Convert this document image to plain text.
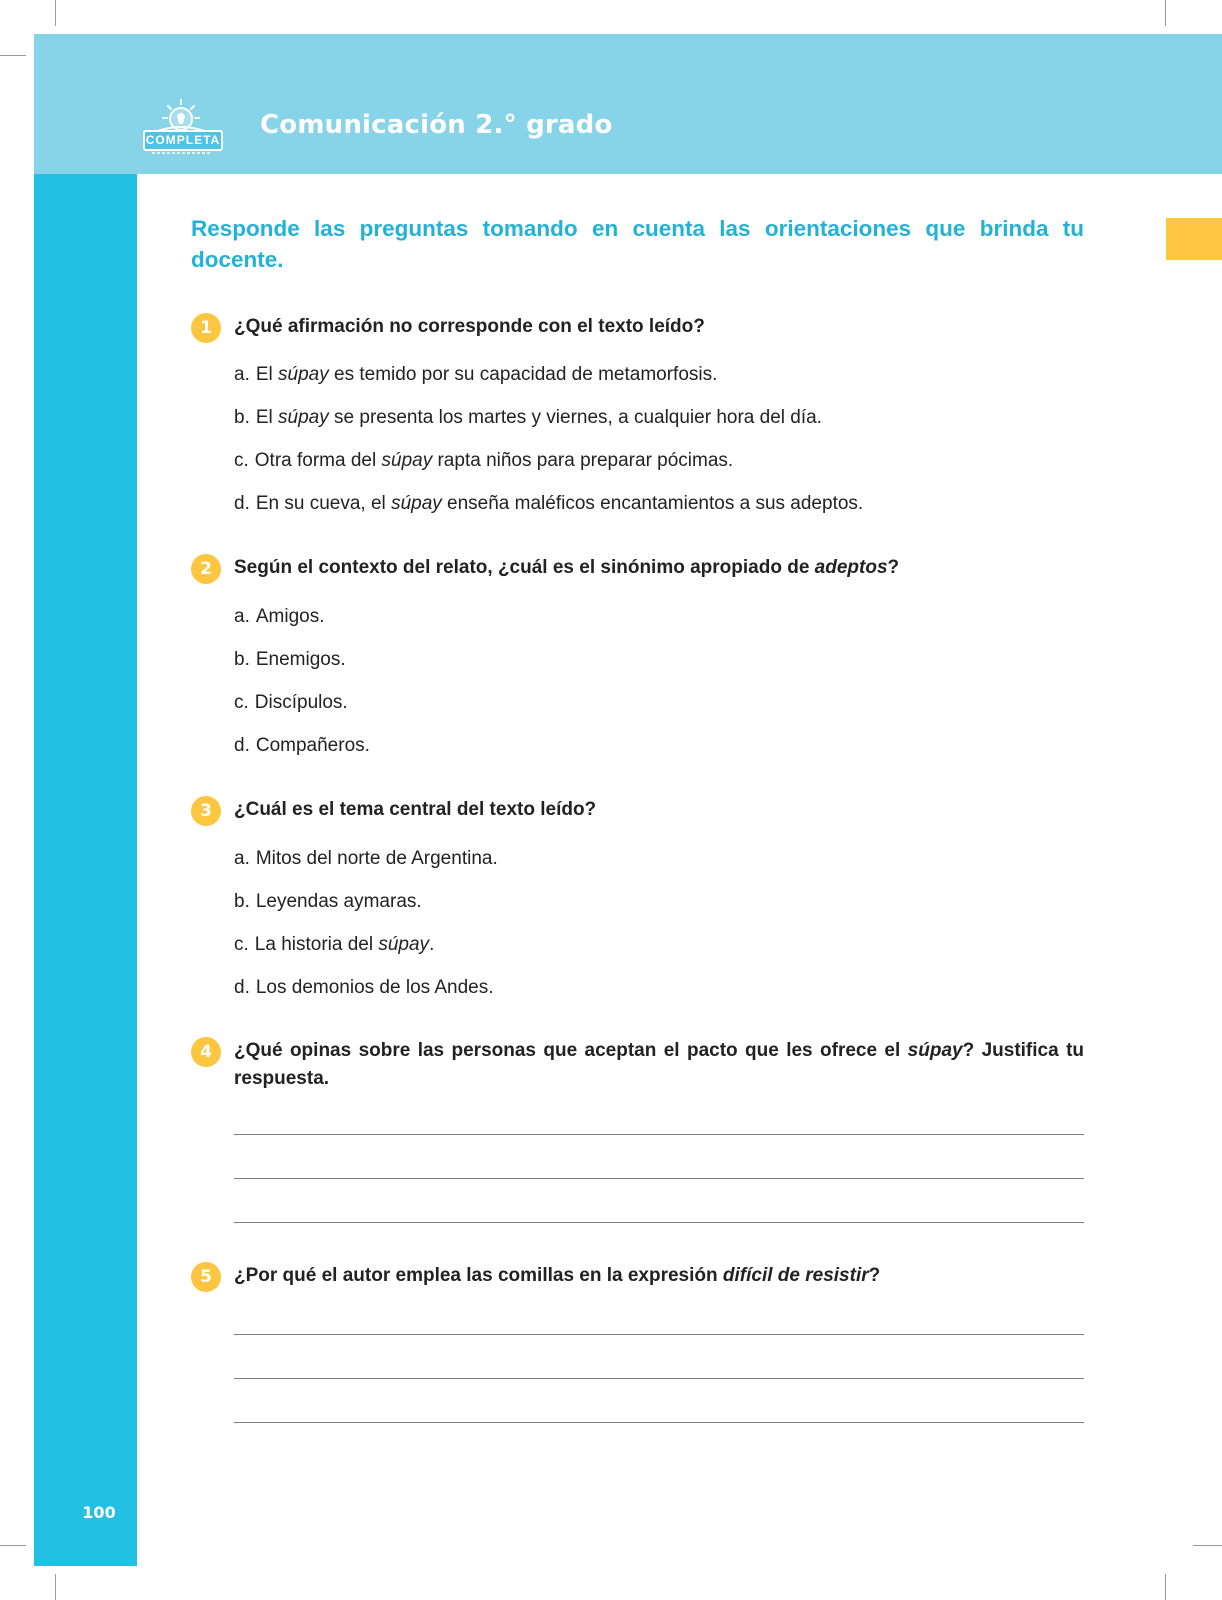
COMPLETA Comunicación 2.° grado
100
Responde las preguntas tomando en cuenta las orientaciones que brinda tu docente.
1	¿Qué afirmación no corresponde con el texto leído?
a. El súpay es temido por su capacidad de metamorfosis.
b. El súpay se presenta los martes y viernes, a cualquier hora del día.
c. Otra forma del súpay rapta niños para preparar pócimas.
d. En su cueva, el súpay enseña maléficos encantamientos a sus adeptos.
2	Según el contexto del relato, ¿cuál es el sinónimo apropiado de adeptos?
a. Amigos.
b. Enemigos.
c. Discípulos.
d. Compañeros.
3	¿Cuál es el tema central del texto leído?
a. Mitos del norte de Argentina.
b. Leyendas aymaras.
c. La historia del súpay.
d. Los demonios de los Andes.
4	¿Qué opinas sobre las personas que aceptan el pacto que les ofrece el súpay? Justifica tu respuesta.
5	¿Por qué el autor emplea las comillas en la expresión difícil de resistir?
